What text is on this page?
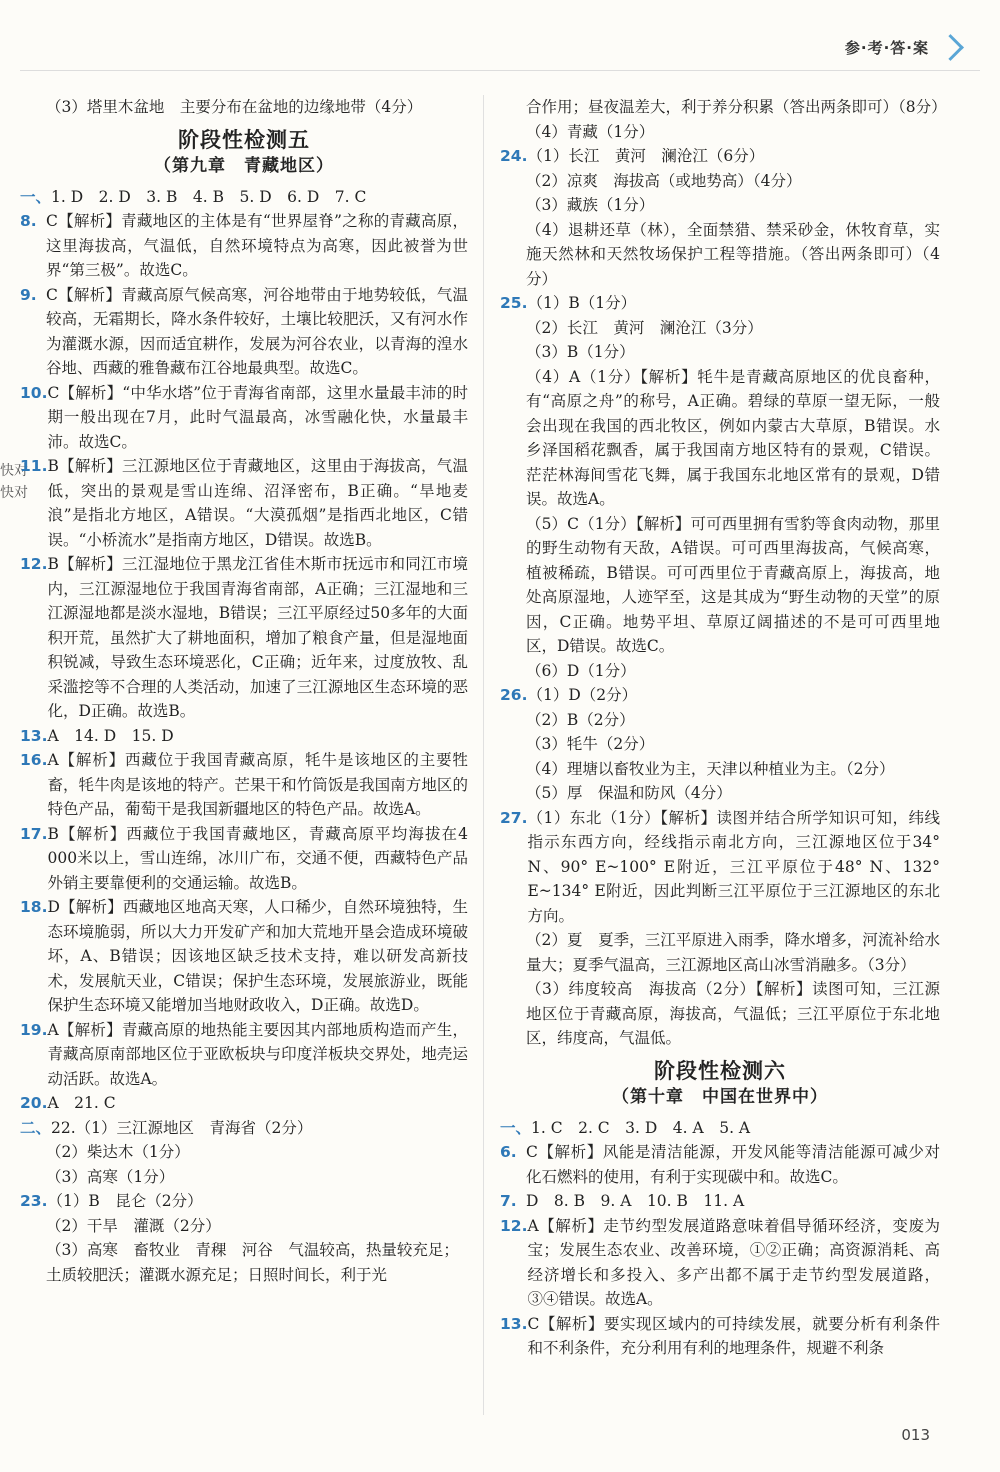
参·考·答·案
快对
快对
（3）塔里木盆地　主要分布在盆地的边缘地带（4分）
阶段性检测五
（第九章　青藏地区）
一、 1. D　2. D　3. B　4. B　5. D　6. D　7. C
8. C【解析】青藏地区的主体是有“世界屋脊”之称的青藏高原，这里海拔高，气温低，自然环境特点为高寒，因此被誉为世界“第三极”。故选C。
9. C【解析】青藏高原气候高寒，河谷地带由于地势较低，气温较高，无霜期长，降水条件较好，土壤比较肥沃，又有河水作为灌溉水源，因而适宜耕作，发展为河谷农业，以青海的湟水谷地、西藏的雅鲁藏布江谷地最典型。故选C。
10. C【解析】“中华水塔”位于青海省南部，这里水量最丰沛的时期一般出现在7月，此时气温最高，冰雪融化快，水量最丰沛。故选C。
11. B【解析】三江源地区位于青藏地区，这里由于海拔高，气温低，突出的景观是雪山连绵、沼泽密布，B正确。“旱地麦浪”是指北方地区，A错误。“大漠孤烟”是指西北地区，C错误。“小桥流水”是指南方地区，D错误。故选B。
12. B【解析】三江湿地位于黑龙江省佳木斯市抚远市和同江市境内，三江源湿地位于我国青海省南部，A正确；三江湿地和三江源湿地都是淡水湿地，B错误；三江平原经过50多年的大面积开荒，虽然扩大了耕地面积，增加了粮食产量，但是湿地面积锐减，导致生态环境恶化，C正确；近年来，过度放牧、乱采滥挖等不合理的人类活动，加速了三江源地区生态环境的恶化，D正确。故选B。
13. A　14. D　15. D
16. A【解析】西藏位于我国青藏高原，牦牛是该地区的主要牲畜，牦牛肉是该地的特产。芒果干和竹筒饭是我国南方地区的特色产品，葡萄干是我国新疆地区的特色产品。故选A。
17. B【解析】西藏位于我国青藏地区，青藏高原平均海拔在4 000米以上，雪山连绵，冰川广布，交通不便，西藏特色产品外销主要靠便利的交通运输。故选B。
18. D【解析】西藏地区地高天寒，人口稀少，自然环境独特，生态环境脆弱，所以大力开发矿产和加大荒地开垦会造成环境破坏，A、B错误；因该地区缺乏技术支持，难以研发高新技术，发展航天业，C错误；保护生态环境，发展旅游业，既能保护生态环境又能增加当地财政收入，D正确。故选D。
19. A【解析】青藏高原的地热能主要因其内部地质构造而产生，青藏高原南部地区位于亚欧板块与印度洋板块交界处，地壳运动活跃。故选A。
20. A　21. C
二、 22.（1）三江源地区　青海省（2分）
（2）柴达木（1分）
（3）高寒（1分）
23. （1）B　昆仑（2分）
（2）干旱　灌溉（2分）
（3）高寒　畜牧业　青稞　河谷　气温较高，热量较充足；土质较肥沃；灌溉水源充足；日照时间长，利于光
合作用；昼夜温差大，利于养分积累（答出两条即可）（8分）
（4）青藏（1分）
24. （1）长江　黄河　澜沧江（6分）
（2）凉爽　海拔高（或地势高）（4分）
（3）藏族（1分）
（4）退耕还草（林），全面禁猎、禁采砂金，休牧育草，实施天然林和天然牧场保护工程等措施。（答出两条即可）（4分）
25. （1）B（1分）
（2）长江　黄河　澜沧江（3分）
（3）B（1分）
（4）A（1分）【解析】牦牛是青藏高原地区的优良畜种，有“高原之舟”的称号，A正确。碧绿的草原一望无际，一般会出现在我国的西北牧区，例如内蒙古大草原，B错误。水乡泽国稻花飘香，属于我国南方地区特有的景观，C错误。茫茫林海间雪花飞舞，属于我国东北地区常有的景观，D错误。故选A。
（5）C（1分）【解析】可可西里拥有雪豹等食肉动物，那里的野生动物有天敌，A错误。可可西里海拔高，气候高寒，植被稀疏，B错误。可可西里位于青藏高原上，海拔高，地处高原湿地，人迹罕至，这是其成为“野生动物的天堂”的原因，C正确。地势平坦、草原辽阔描述的不是可可西里地区，D错误。故选C。
（6）D（1分）
26. （1）D（2分）
（2）B（2分）
（3）牦牛（2分）
（4）理塘以畜牧业为主，天津以种植业为主。（2分）
（5）厚　保温和防风（4分）
27. （1）东北（1分）【解析】读图并结合所学知识可知，纬线指示东西方向，经线指示南北方向，三江源地区位于34° N、90° E~100° E附近，三江平原位于48° N、132° E~134° E附近，因此判断三江平原位于三江源地区的东北方向。
（2）夏　夏季，三江平原进入雨季，降水增多，河流补给水量大；夏季气温高，三江源地区高山冰雪消融多。（3分）
（3）纬度较高　海拔高（2分）【解析】读图可知，三江源地区位于青藏高原，海拔高，气温低；三江平原位于东北地区，纬度高，气温低。
阶段性检测六
（第十章　中国在世界中）
一、 1. C　2. C　3. D　4. A　5. A
6. C【解析】风能是清洁能源，开发风能等清洁能源可减少对化石燃料的使用，有利于实现碳中和。故选C。
7. D　8. B　9. A　10. B　11. A
12. A【解析】走节约型发展道路意味着倡导循环经济，变废为宝；发展生态农业、改善环境，①②正确；高资源消耗、高经济增长和多投入、多产出都不属于走节约型发展道路，③④错误。故选A。
13. C【解析】要实现区域内的可持续发展，就要分析有利条件和不利条件，充分利用有利的地理条件，规避不利条
013
